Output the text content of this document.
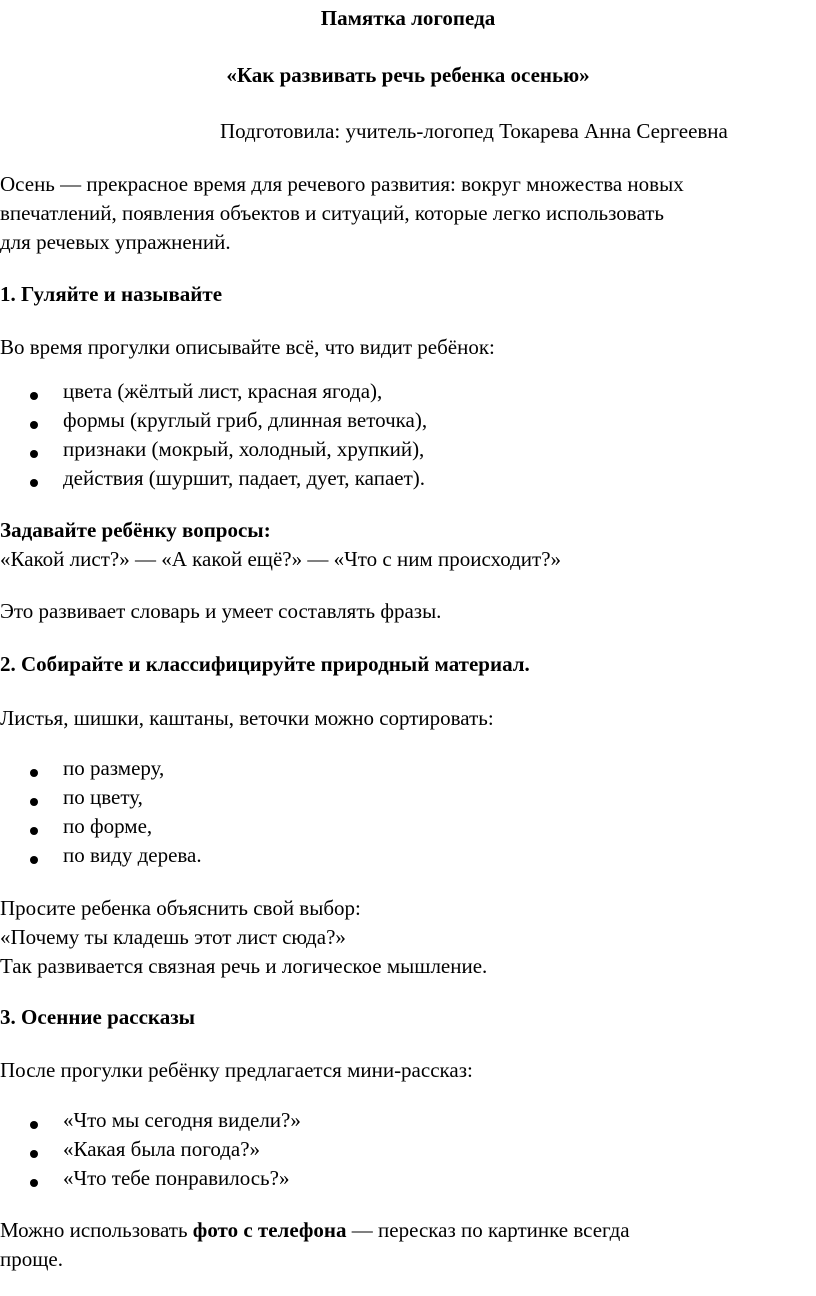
Памятка логопеда
«Как развивать речь ребенка осенью»
Подготовила: учитель-логопед Токарева Анна Сергеевна
Осень — прекрасное время для речевого развития: вокруг множества новых
впечатлений, появления объектов и ситуаций, которые легко использовать
для речевых упражнений.
1. Гуляйте и называйте
Во время прогулки описывайте всё, что видит ребёнок:
цвета (жёлтый лист, красная ягода),
формы (круглый гриб, длинная веточка),
признаки (мокрый, холодный, хрупкий),
действия (шуршит, падает, дует, капает).
Задавайте ребёнку вопросы:
«Какой лист?» — «А какой ещё?» — «Что с ним происходит?»
Это развивает словарь и умеет составлять фразы.
2. Собирайте и классифицируйте природный материал.
Листья, шишки, каштаны, веточки можно сортировать:
по размеру,
по цвету,
по форме,
по виду дерева.
Просите ребенка объяснить свой выбор:
«Почему ты кладешь этот лист сюда?»
Так развивается связная речь и логическое мышление.
3. Осенние рассказы
После прогулки ребёнку предлагается мини-рассказ:
«Что мы сегодня видели?»
«Какая была погода?»
«Что тебе понравилось?»
Можно использовать фото с телефона — пересказ по картинке всегда
проще.
